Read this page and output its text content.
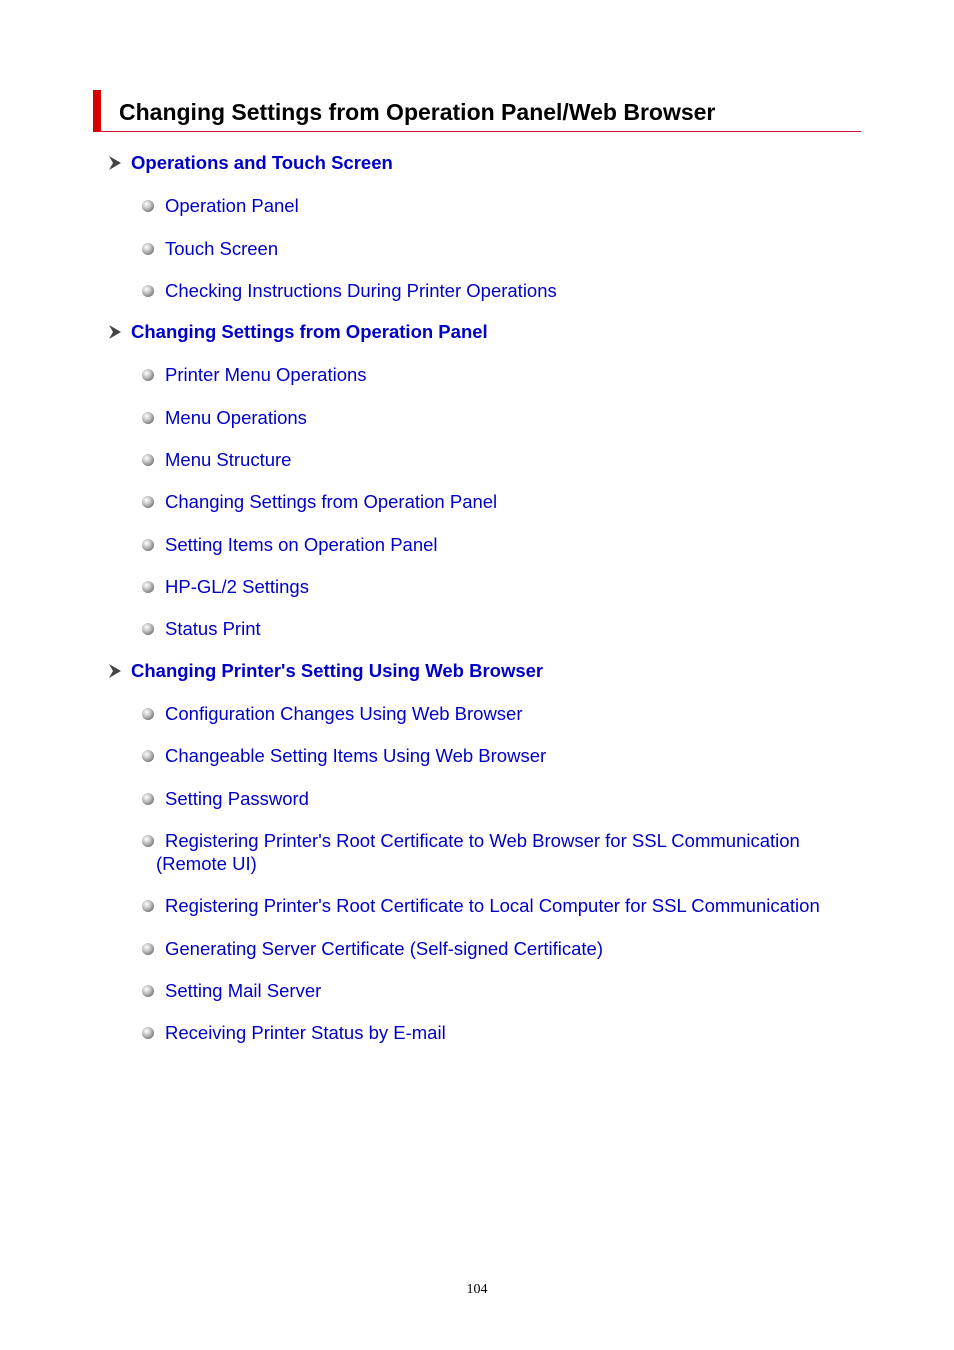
Changing Settings from Operation Panel/Web Browser
Operations and Touch Screen
Operation Panel
Touch Screen
Checking Instructions During Printer Operations
Changing Settings from Operation Panel
Printer Menu Operations
Menu Operations
Menu Structure
Changing Settings from Operation Panel
Setting Items on Operation Panel
HP-GL/2 Settings
Status Print
Changing Printer's Setting Using Web Browser
Configuration Changes Using Web Browser
Changeable Setting Items Using Web Browser
Setting Password
Registering Printer's Root Certificate to Web Browser for SSL Communication (Remote UI)
Registering Printer's Root Certificate to Local Computer for SSL Communication
Generating Server Certificate (Self-signed Certificate)
Setting Mail Server
Receiving Printer Status by E-mail
104
